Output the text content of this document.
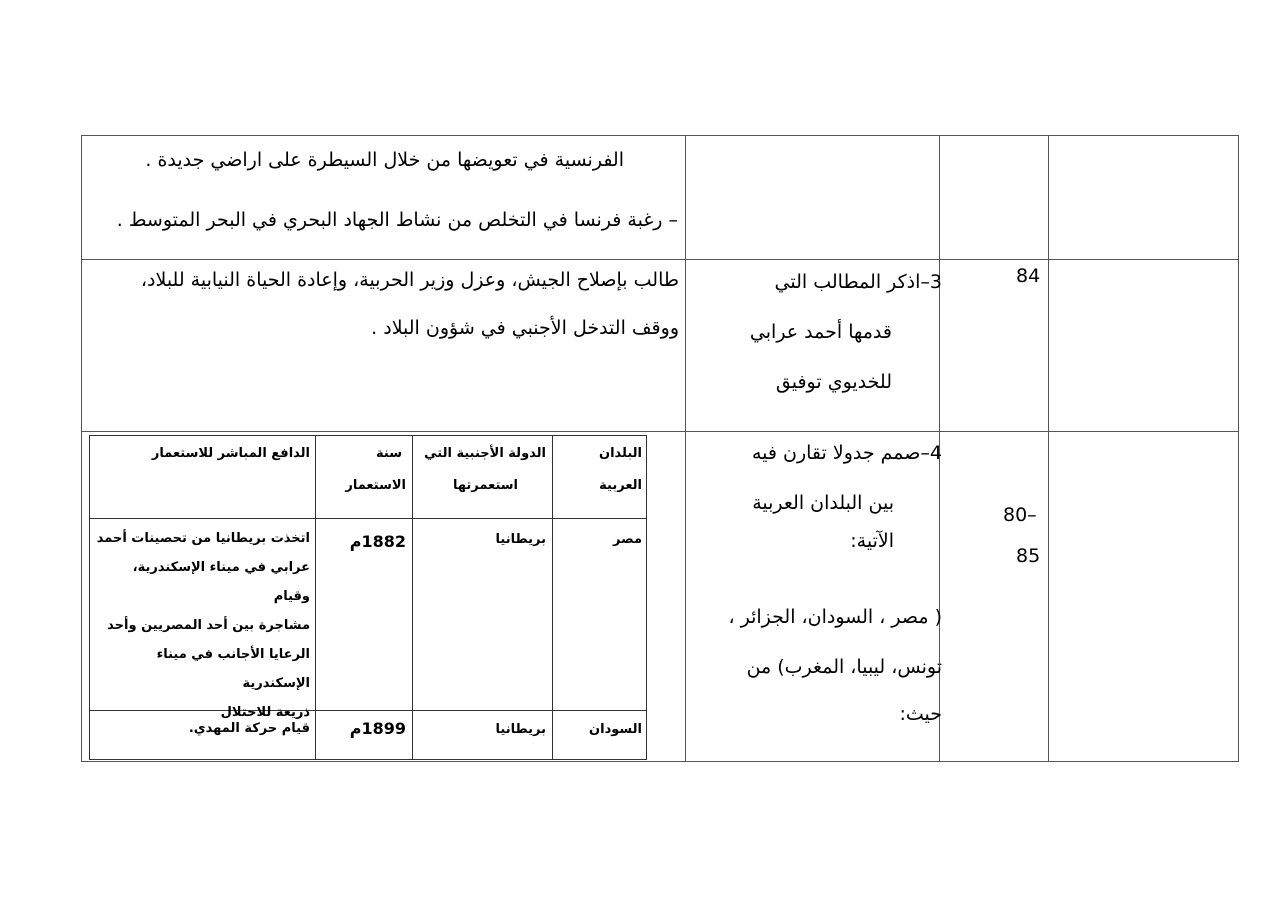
الفرنسية في تعويضها من خلال السيطرة على اراضي جديدة .
– رغبة فرنسا في التخلص من نشاط الجهاد البحري في البحر المتوسط .
طالب بإصلاح الجيش، وعزل وزير الحربية، وإعادة الحياة النيابية للبلاد،
ووقف التدخل الأجنبي في شؤون البلاد .
3–اذكر المطالب التي
قدمها أحمد عرابي
للخديوي توفيق
84
4–صمم جدولا تقارن فيه
بين البلدان العربية
الآتية:
( مصر ، السودان، الجزائر ،
تونس، ليبيا، المغرب) من
حيث:
80–
85
البلدان العربية
الدولة الأجنبية التي
استعمرتها
سنة
الاستعمار
الدافع المباشر للاستعمار
مصر
بريطانيا
1882م
اتخذت بريطانيا من تحصينات أحمد
عرابي في ميناء الإسكندرية، وقيام
مشاجرة بين أحد المصريين وأحد
الرعايا الأجانب في ميناء الإسكندرية
ذريعة للاحتلال
السودان
بريطانيا
1899م
قيام حركة المهدي.
